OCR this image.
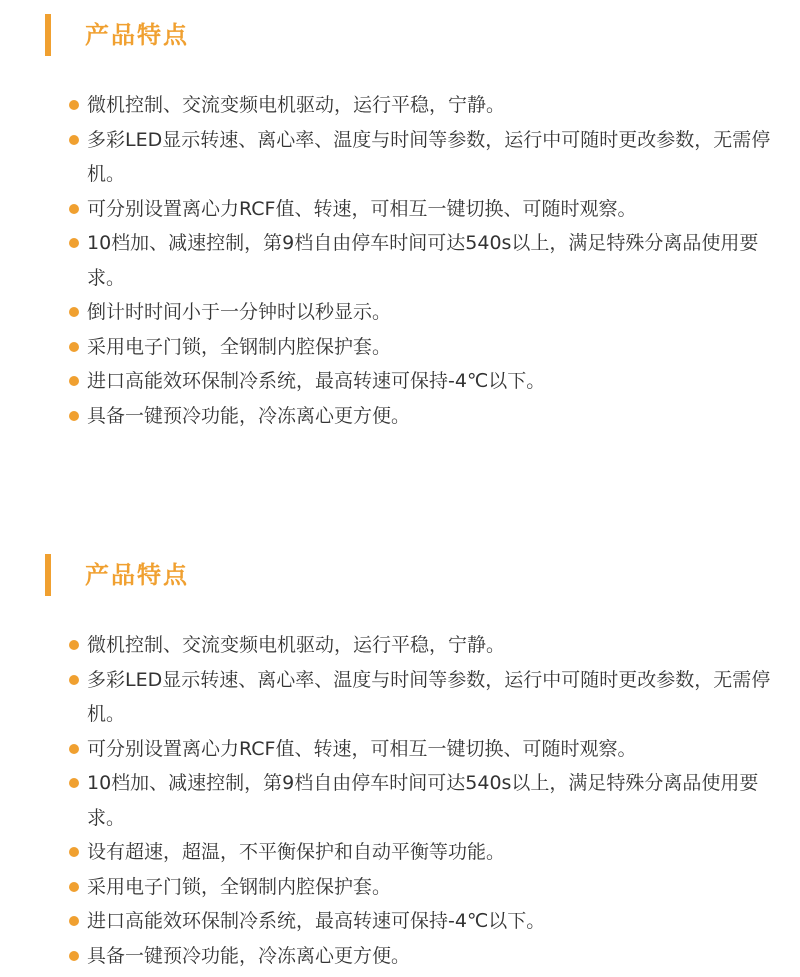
产品特点
微机控制、交流变频电机驱动，运行平稳，宁静。
多彩LED显示转速、离心率、温度与时间等参数，运行中可随时更改参数，无需停机。
可分别设置离心力RCF值、转速，可相互一键切换、可随时观察。
10档加、减速控制，第9档自由停车时间可达540s以上，满足特殊分离品使用要求。
倒计时时间小于一分钟时以秒显示。
采用电子门锁，全钢制内腔保护套。
进口高能效环保制冷系统，最高转速可保持-4℃以下。
具备一键预冷功能，冷冻离心更方便。
产品特点
微机控制、交流变频电机驱动，运行平稳，宁静。
多彩LED显示转速、离心率、温度与时间等参数，运行中可随时更改参数，无需停机。
可分别设置离心力RCF值、转速，可相互一键切换、可随时观察。
10档加、减速控制，第9档自由停车时间可达540s以上，满足特殊分离品使用要求。
设有超速，超温，不平衡保护和自动平衡等功能。
采用电子门锁，全钢制内腔保护套。
进口高能效环保制冷系统，最高转速可保持-4℃以下。
具备一键预冷功能，冷冻离心更方便。
